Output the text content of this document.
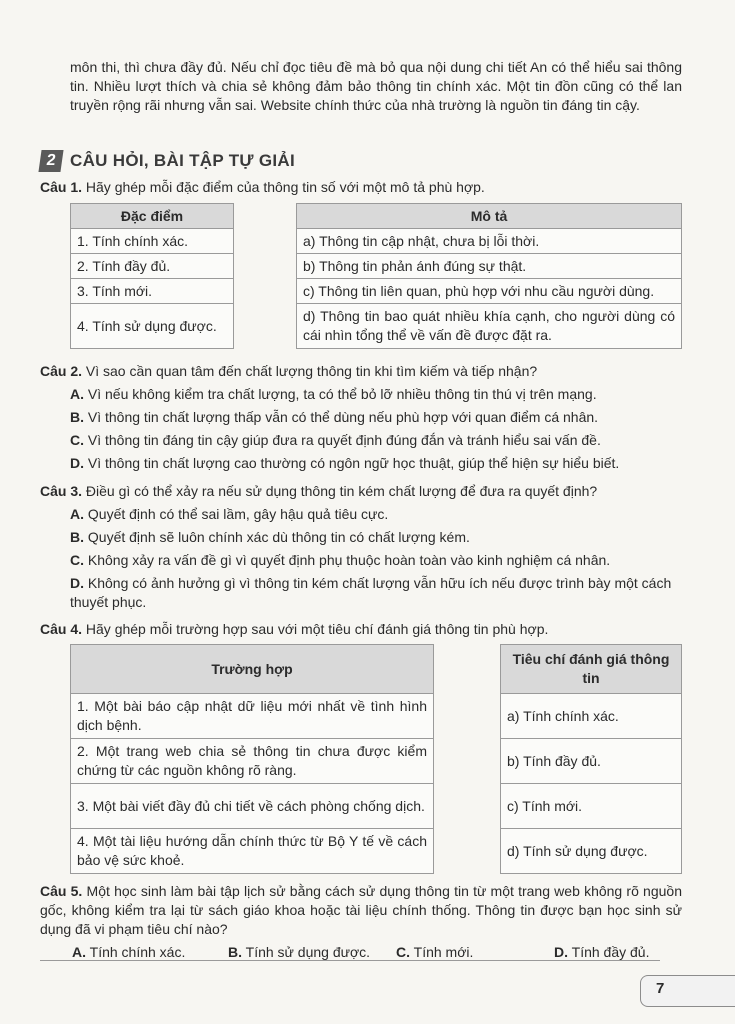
môn thi, thì chưa đầy đủ. Nếu chỉ đọc tiêu đề mà bỏ qua nội dung chi tiết An có thể hiểu sai thông tin. Nhiều lượt thích và chia sẻ không đảm bảo thông tin chính xác. Một tin đồn cũng có thể lan truyền rộng rãi nhưng vẫn sai. Website chính thức của nhà trường là nguồn tin đáng tin cậy.
2 CÂU HỎI, BÀI TẬP TỰ GIẢI
Câu 1. Hãy ghép mỗi đặc điểm của thông tin số với một mô tả phù hợp.
Đặc điểm
1. Tính chính xác.
2. Tính đầy đủ.
3. Tính mới.
4. Tính sử dụng được.
Mô tả
a) Thông tin cập nhật, chưa bị lỗi thời.
b) Thông tin phản ánh đúng sự thật.
c) Thông tin liên quan, phù hợp với nhu cầu người dùng.
d) Thông tin bao quát nhiều khía cạnh, cho người dùng có cái nhìn tổng thể về vấn đề được đặt ra.
Câu 2. Vì sao cần quan tâm đến chất lượng thông tin khi tìm kiếm và tiếp nhận?
A. Vì nếu không kiểm tra chất lượng, ta có thể bỏ lỡ nhiều thông tin thú vị trên mạng.
B. Vì thông tin chất lượng thấp vẫn có thể dùng nếu phù hợp với quan điểm cá nhân.
C. Vì thông tin đáng tin cậy giúp đưa ra quyết định đúng đắn và tránh hiểu sai vấn đề.
D. Vì thông tin chất lượng cao thường có ngôn ngữ học thuật, giúp thể hiện sự hiểu biết.
Câu 3. Điều gì có thể xảy ra nếu sử dụng thông tin kém chất lượng để đưa ra quyết định?
A. Quyết định có thể sai lầm, gây hậu quả tiêu cực.
B. Quyết định sẽ luôn chính xác dù thông tin có chất lượng kém.
C. Không xảy ra vấn đề gì vì quyết định phụ thuộc hoàn toàn vào kinh nghiệm cá nhân.
D. Không có ảnh hưởng gì vì thông tin kém chất lượng vẫn hữu ích nếu được trình bày một cách thuyết phục.
Câu 4. Hãy ghép mỗi trường hợp sau với một tiêu chí đánh giá thông tin phù hợp.
Trường hợp
1. Một bài báo cập nhật dữ liệu mới nhất về tình hình dịch bệnh.
2. Một trang web chia sẻ thông tin chưa được kiểm chứng từ các nguồn không rõ ràng.
3. Một bài viết đầy đủ chi tiết về cách phòng chống dịch.
4. Một tài liệu hướng dẫn chính thức từ Bộ Y tế về cách bảo vệ sức khoẻ.
Tiêu chí đánh giá thông tin
a) Tính chính xác.
b) Tính đầy đủ.
c) Tính mới.
d) Tính sử dụng được.
Câu 5. Một học sinh làm bài tập lịch sử bằng cách sử dụng thông tin từ một trang web không rõ nguồn gốc, không kiểm tra lại từ sách giáo khoa hoặc tài liệu chính thống. Thông tin được bạn học sinh sử dụng đã vi phạm tiêu chí nào?
A. Tính chính xác.	B. Tính sử dụng được. C. Tính mới.	D. Tính đầy đủ.
7
